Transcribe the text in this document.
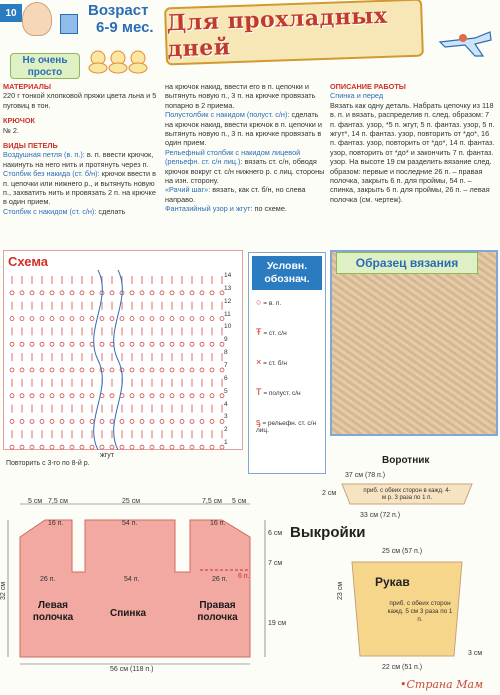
10	Возраст
6-9 мес.
Не очень просто
Для прохладных дней

МАТЕРИАЛЫ

220 г тонкой хлопковой пряжи цвета льна и 5 пуговиц в тон.

КРЮЧОК

№ 2.

ВИДЫ ПЕТЕЛЬ

Воздушная петля (в. п.): в. п. ввести крючок, накинуть на него нить и протянуть через п.

Столбик без накида (ст. б/н): крючок ввести в п. цепочки или нижнего р., и вытянуть новую п., захватить нить и провязать 2 п. на крючке в один прием.

Столбик с накидом (ст. с/н): сделать

на крючок накид, ввести его в п. цепочки и вытянуть новую п., 3 п. на крючке провязать попарно в 2 приема.

Полустолбик с накидом (полуст. с/н): сделать на крючок накид, ввести крючок в п. цепочки и вытянуть новую п., 3 п. на крючке провязать в один прием.

Рельефный столбик с накидом лицевой (рельефн. ст. с/н лиц.): вязать ст. с/н, обводя крючок вокруг ст. с/н нижнего р. с лиц. стороны на изн. сторону.

«Рачий шаг»: вязать, как ст. б/н, но слева направо.

Фантазийный узор и жгут: по схеме.

ОПИСАНИЕ РАБОТЫ

Спинка и перед

Вязать как одну деталь. Набрать цепочку из 118 в. п. и вязать, распределив п. след. образом: 7 п. фантаз. узор, *5 п. жгут, 5 п. фантаз. узор, 5 п. жгут*, 14 п. фантаз. узор, повторить от *до*, 16 п. фантаз. узор, повторить от *до*, 14 п. фантаз. узор, повторить от *до* и закончить 7 п. фантаз. узор. На высоте 19 см разделить вязание след. образом: первые и последние 26 п. – правая полочка, закрыть 6 п. для проймы, 54 п. – спинка, закрыть 6 п. для проймы, 26 п. – левая полочка (см. чертеж).

Схема
14
13
12
11
10
9
8
7
6
5
4
3
2
1
жгут
Повторить с 3-го по 8-й р.
Условн. обознач.
○ = в. п.
Ŧ = ст. с/н
× = ст. б/н
T = полуст. с/н
ᶊ = рельефн. ст. с/н лиц.
Образец вязания
Воротник
37 см (78 п.)
2 см	приб. с обеих сторон в кажд. 4-м р. 3 раза по 1 п.
33 см (72 п.)
Выкройки
5 см 7,5 см	25 см	7,5 см 5 см
16 п.	54 п.	16 п.
26 п.	54 п.	26 п.
6 см
7 см
6 п.
19 см
32 см
Левая полочка	Спинка
Правая полочка
56 см (118 п.)
25 см (57 п.)
Рукав
приб. с обеих сторон кажд. 5 см 3 раза по 1 п.
23 см
3 см
22 см (51 п.)
•Страна Мам
